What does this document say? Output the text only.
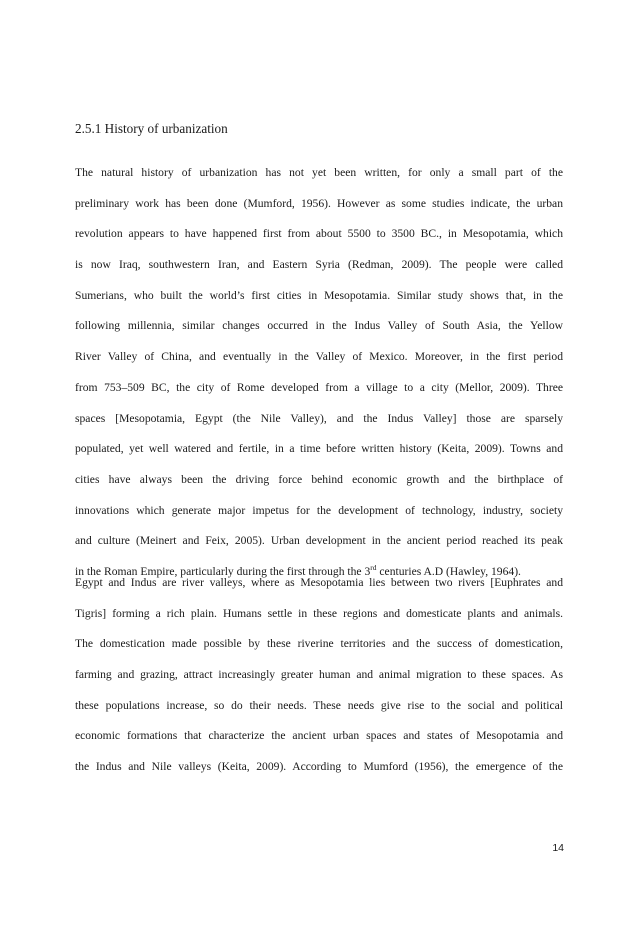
2.5.1 History of urbanization
The natural history of urbanization has not yet been written, for only a small part of the
preliminary work has been done (Mumford, 1956). However as some studies indicate, the urban
revolution appears to have happened first from about 5500 to 3500 BC., in Mesopotamia, which
is now Iraq, southwestern Iran, and Eastern Syria (Redman, 2009). The people were called
Sumerians, who built the world’s first cities in Mesopotamia. Similar study shows that, in the
following millennia, similar changes occurred in the Indus Valley of South Asia, the Yellow
River Valley of China, and eventually in the Valley of Mexico. Moreover, in the first period
from 753–509 BC, the city of Rome developed from a village to a city (Mellor, 2009). Three
spaces [Mesopotamia, Egypt (the Nile Valley), and the Indus Valley] those are sparsely
populated, yet well watered and fertile, in a time before written history (Keita, 2009). Towns and
cities have always been the driving force behind economic growth and the birthplace of
innovations which generate major impetus for the development of technology, industry, society
and culture (Meinert and Feix, 2005). Urban development in the ancient period reached its peak
in the Roman Empire, particularly during the first through the 3rd centuries A.D (Hawley, 1964).
Egypt and Indus are river valleys, where as Mesopotamia lies between two rivers [Euphrates and
Tigris] forming a rich plain. Humans settle in these regions and domesticate plants and animals.
The domestication made possible by these riverine territories and the success of domestication,
farming and grazing, attract increasingly greater human and animal migration to these spaces. As
these populations increase, so do their needs. These needs give rise to the social and political
economic formations that characterize the ancient urban spaces and states of Mesopotamia and
the Indus and Nile valleys (Keita, 2009). According to Mumford (1956), the emergence of the
14
